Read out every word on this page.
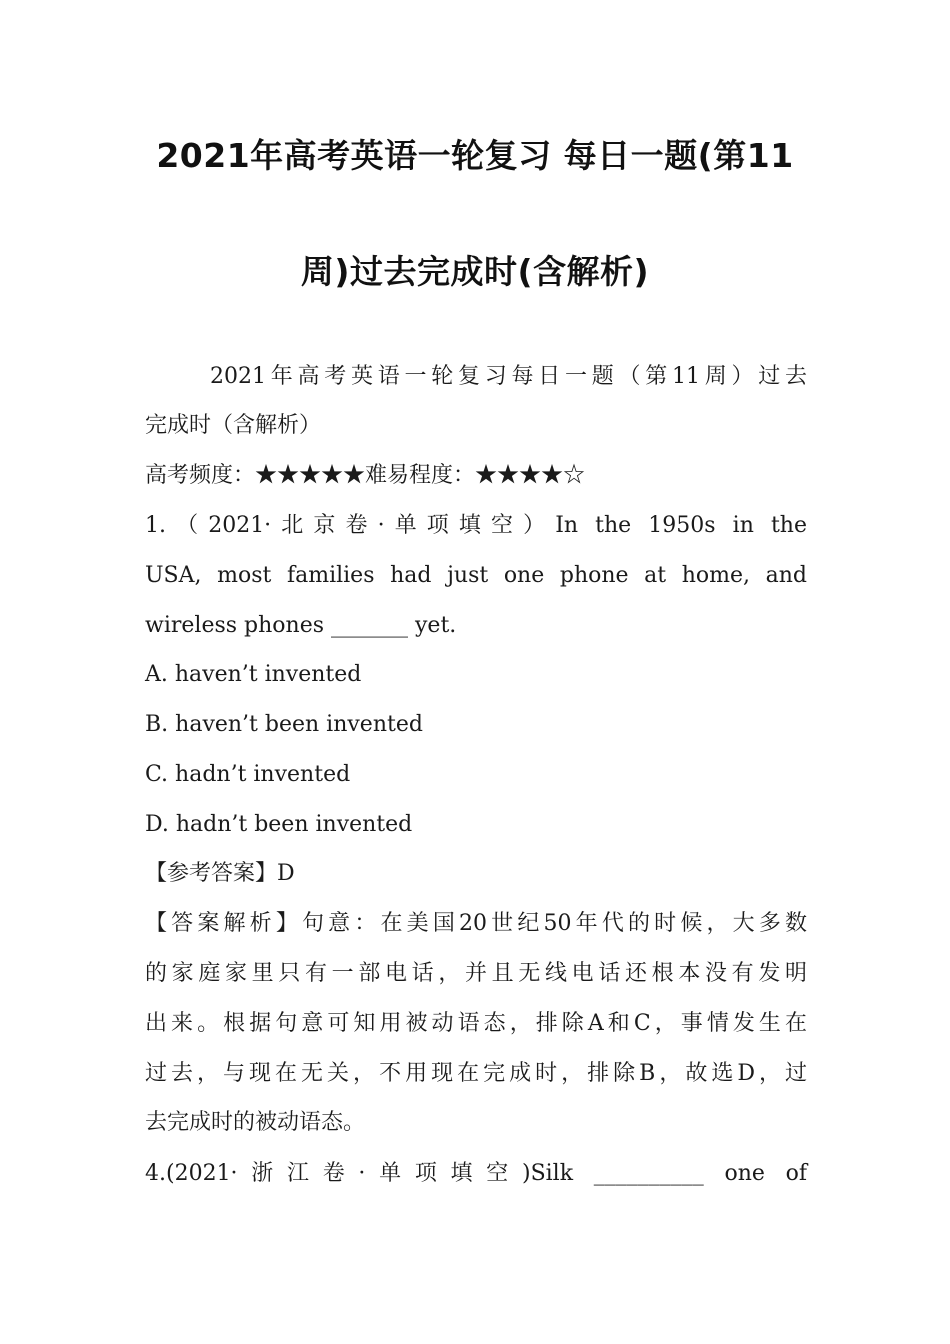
2021年高考英语一轮复习 每日一题(第11
周)过去完成时(含解析)
2021年高考英语一轮复习每日一题（第11周）过去
完成时（含解析）
高考频度：★★★★★难易程度：★★★★☆
1.（2021·北京卷·单项填空）In the 1950s in the
USA, most families had just one phone at home, and
wireless phones _______ yet.
A. haven’t invented
B. haven’t been invented
C. hadn’t invented
D. hadn’t been invented
【参考答案】D
【答案解析】句意：在美国20世纪50年代的时候，大多数
的家庭家里只有一部电话，并且无线电话还根本没有发明
出来。根据句意可知用被动语态，排除A和C，事情发生在
过去，与现在无关，不用现在完成时，排除B，故选D，过
去完成时的被动语态。
4.(2021·浙江卷·单项填空)Silk __________ one of
